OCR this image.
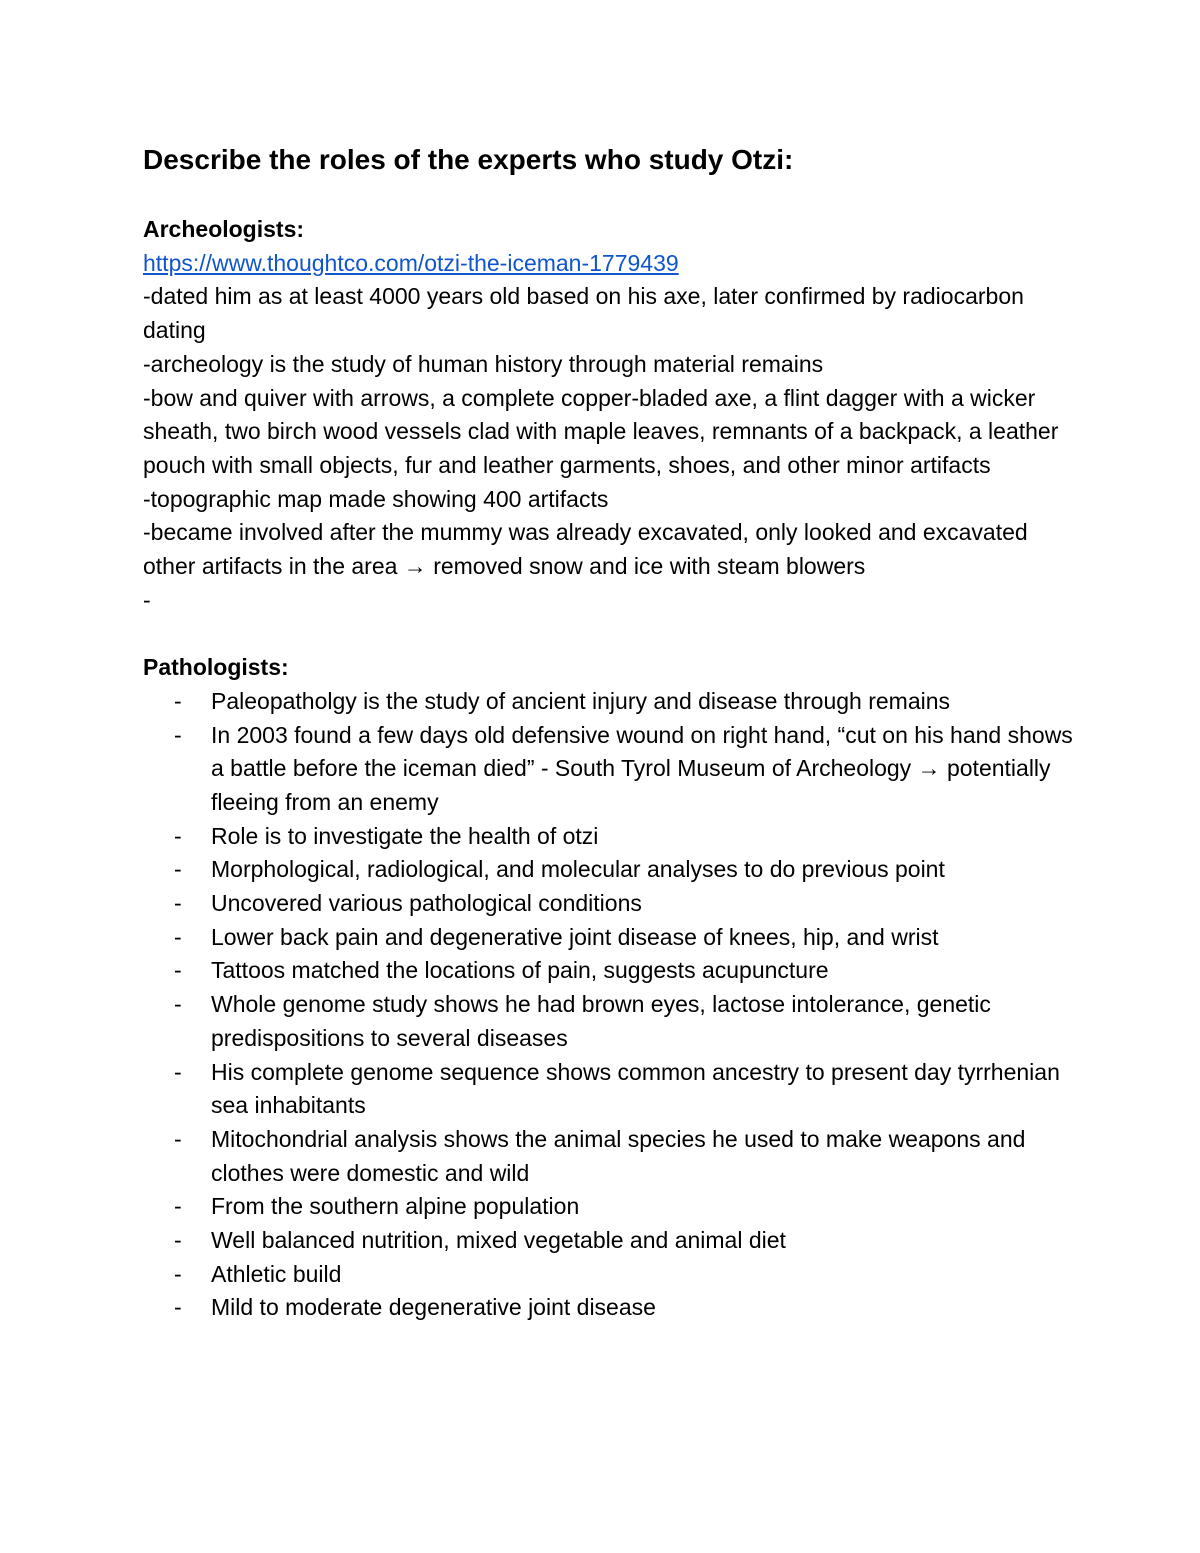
Describe the roles of the experts who study Otzi:

Archeologists:

https://www.thoughtco.com/otzi-the-iceman-1779439

-dated him as at least 4000 years old based on his axe, later confirmed by radiocarbon dating

-archeology is the study of human history through material remains

-bow and quiver with arrows, a complete copper-bladed axe, a flint dagger with a wicker sheath, two birch wood vessels clad with maple leaves, remnants of a backpack, a leather pouch with small objects, fur and leather garments, shoes, and other minor artifacts

-topographic map made showing 400 artifacts

-became involved after the mummy was already excavated, only looked and excavated other artifacts in the area → removed snow and ice with steam blowers

-

Pathologists:

- Paleopatholgy is the study of ancient injury and disease through remains
- In 2003 found a few days old defensive wound on right hand, “cut on his hand shows a battle before the iceman died” - South Tyrol Museum of Archeology → potentially fleeing from an enemy
- Role is to investigate the health of otzi
- Morphological, radiological, and molecular analyses to do previous point
- Uncovered various pathological conditions
- Lower back pain and degenerative joint disease of knees, hip, and wrist
- Tattoos matched the locations of pain, suggests acupuncture
- Whole genome study shows he had brown eyes, lactose intolerance, genetic predispositions to several diseases
- His complete genome sequence shows common ancestry to present day tyrrhenian sea inhabitants
- Mitochondrial analysis shows the animal species he used to make weapons and clothes were domestic and wild
- From the southern alpine population
- Well balanced nutrition, mixed vegetable and animal diet
- Athletic build
- Mild to moderate degenerative joint disease
